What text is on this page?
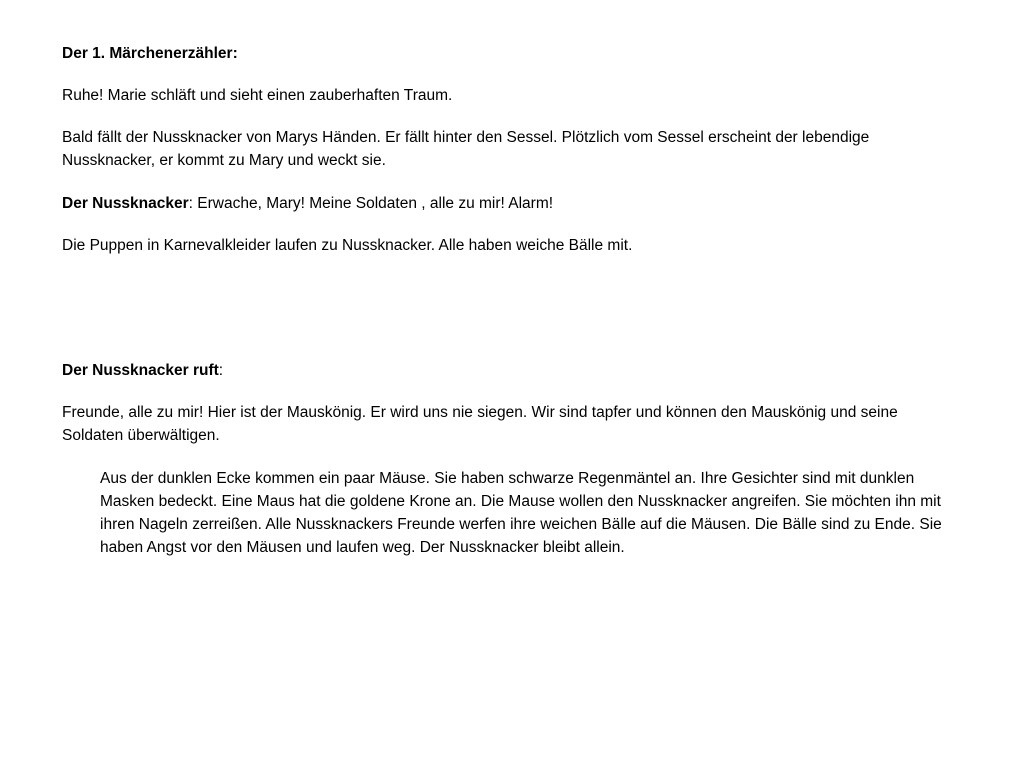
Der 1. Märchenerzähler:

Ruhe! Marie schläft und sieht einen zauberhaften Traum.

Bald fällt der Nussknacker von Marys Händen. Er fällt hinter den Sessel. Plötzlich vom Sessel erscheint der lebendige Nussknacker, er kommt zu Mary und weckt sie.

Der Nussknacker: Erwache, Mary! Meine Soldaten , alle zu mir! Alarm!

Die Puppen in Karnevalkleider laufen zu Nussknacker. Alle haben weiche Bälle mit.

Der Nussknacker ruft:

Freunde, alle zu mir! Hier ist der Mauskönig. Er wird uns nie siegen. Wir sind tapfer und können den Mauskönig und seine Soldaten überwältigen.

Aus der dunklen Ecke kommen ein paar Mäuse. Sie haben schwarze Regenmäntel an. Ihre Gesichter sind mit dunklen Masken bedeckt. Eine Maus hat die goldene Krone an. Die Mause wollen den Nussknacker angreifen. Sie möchten ihn mit ihren Nageln zerreißen. Alle Nussknackers Freunde werfen ihre weichen Bälle auf die Mäusen. Die Bälle sind zu Ende. Sie haben Angst vor den Mäusen und laufen weg. Der Nussknacker bleibt allein.
